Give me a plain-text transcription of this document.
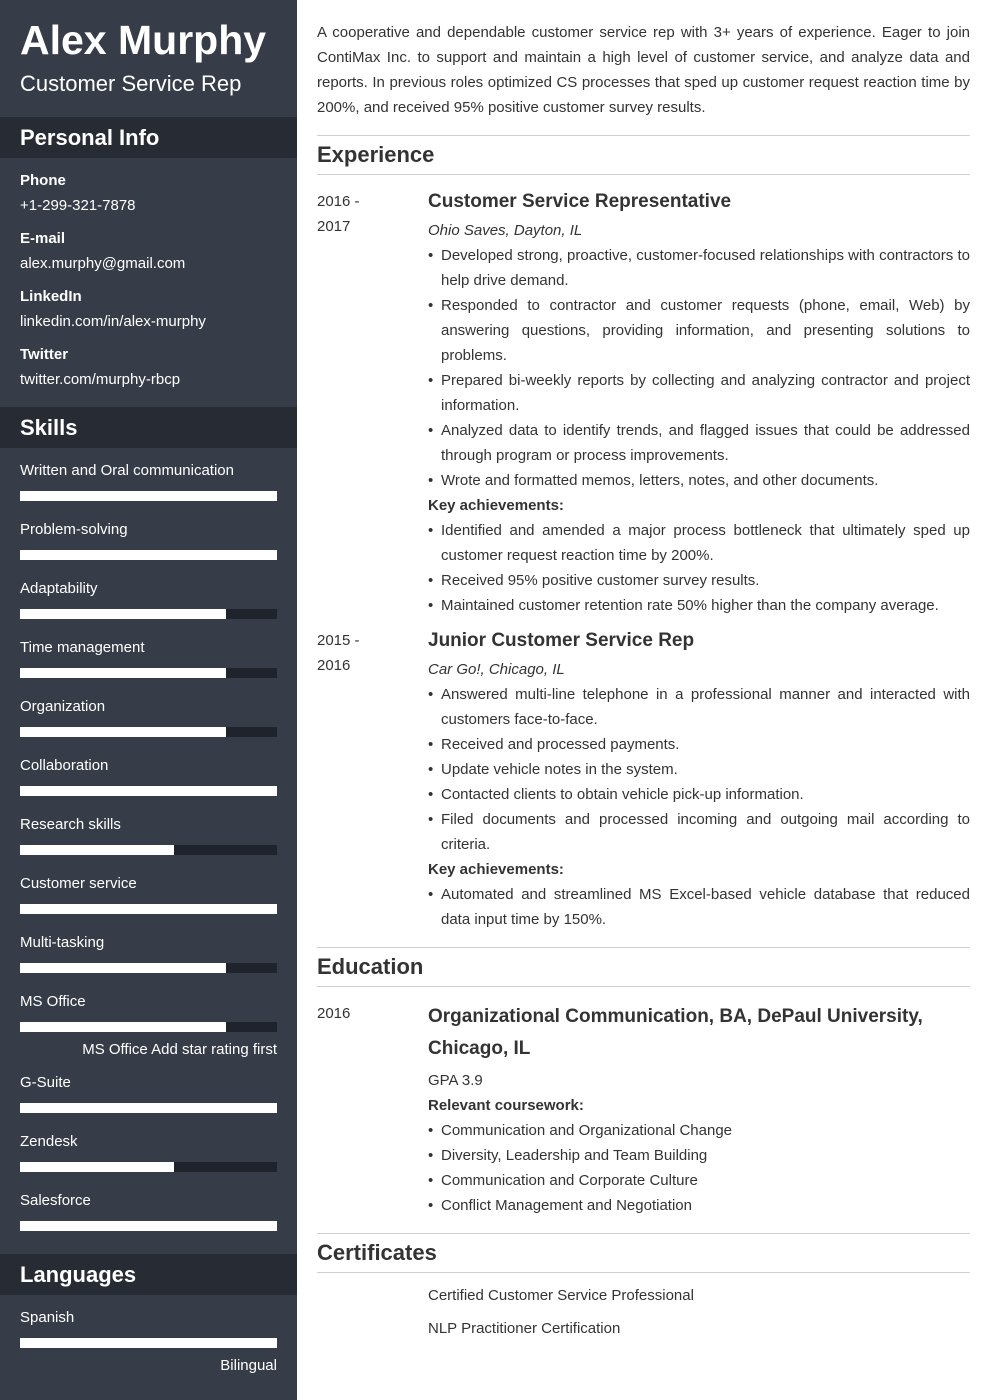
Alex Murphy
Customer Service Rep
Personal Info
Phone
+1-299-321-7878
E-mail
alex.murphy@gmail.com
LinkedIn
linkedin.com/in/alex-murphy
Twitter
twitter.com/murphy-rbcp
Skills
Written and Oral communication
Problem-solving
Adaptability
Time management
Organization
Collaboration
Research skills
Customer service
Multi-tasking
MS Office
MS Office Add star rating first
G-Suite
Zendesk
Salesforce
Languages
Spanish
Bilingual

A cooperative and dependable customer service rep with 3+ years of experience. Eager to join ContiMax Inc. to support and maintain a high level of customer service, and analyze data and reports. In previous roles optimized CS processes that sped up customer request reaction time by 200%, and received 95% positive customer survey results.

Experience
2016 -
2017
Customer Service Representative
Ohio Saves, Dayton, IL
• Developed strong, proactive, customer-focused relationships with contractors to help drive demand.
• Responded to contractor and customer requests (phone, email, Web) by answering questions, providing information, and presenting solutions to problems.
• Prepared bi-weekly reports by collecting and analyzing contractor and project information.
• Analyzed data to identify trends, and flagged issues that could be addressed through program or process improvements.
• Wrote and formatted memos, letters, notes, and other documents.
Key achievements:
• Identified and amended a major process bottleneck that ultimately sped up customer request reaction time by 200%.
• Received 95% positive customer survey results.
• Maintained customer retention rate 50% higher than the company average.
2015 -
2016
Junior Customer Service Rep
Car Go!, Chicago, IL
• Answered multi-line telephone in a professional manner and interacted with customers face-to-face.
• Received and processed payments.
• Update vehicle notes in the system.
• Contacted clients to obtain vehicle pick-up information.
• Filed documents and processed incoming and outgoing mail according to criteria.
Key achievements:
• Automated and streamlined MS Excel-based vehicle database that reduced data input time by 150%.
Education
2016	Organizational Communication, BA, DePaul University, Chicago, IL
GPA 3.9
Relevant coursework:
• Communication and Organizational Change
• Diversity, Leadership and Team Building
• Communication and Corporate Culture
• Conflict Management and Negotiation
Certificates
Certified Customer Service Professional
NLP Practitioner Certification
